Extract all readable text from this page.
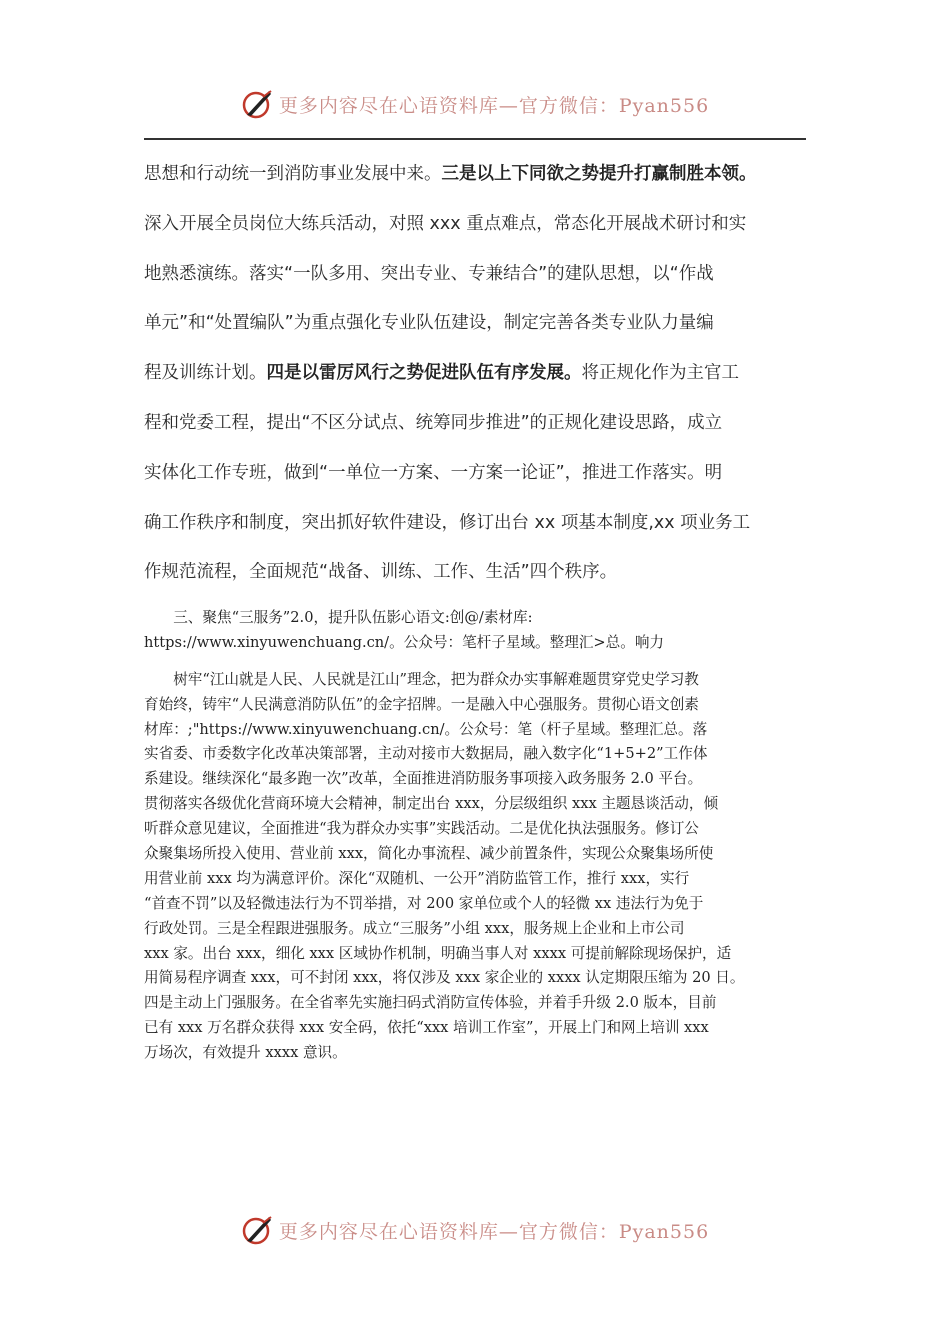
更多内容尽在心语资料库—官方微信：Pyan556
思想和行动统一到消防事业发展中来。三是以上下同欲之势提升打赢制胜本领。
深入开展全员岗位大练兵活动，对照 xxx 重点难点，常态化开展战术研讨和实
地熟悉演练。落实“一队多用、突出专业、专兼结合”的建队思想，以“作战
单元”和“处置编队”为重点强化专业队伍建设，制定完善各类专业队力量编
程及训练计划。四是以雷厉风行之势促进队伍有序发展。将正规化作为主官工
程和党委工程，提出“不区分试点、统筹同步推进”的正规化建设思路，成立
实体化工作专班，做到“一单位一方案、一方案一论证”，推进工作落实。明
确工作秩序和制度，突出抓好软件建设，修订出台 xx 项基本制度,xx 项业务工
作规范流程，全面规范“战备、训练、工作、生活”四个秩序。
　　三、聚焦“三服务”2.0，提升队伍影心语文:创@/素材库:
https://www.xinyuwenchuang.cn/。公众号：笔杆子星域。整理汇>总。响力
　　树牢“江山就是人民、人民就是江山”理念，把为群众办实事解难题贯穿党史学习教
育始终，铸牢“人民满意消防队伍”的金字招牌。一是融入中心强服务。贯彻心语文创素
材库：;"https://www.xinyuwenchuang.cn/。公众号：笔（杆子星域。整理汇总。落
实省委、市委数字化改革决策部署，主动对接市大数据局，融入数字化“1+5+2”工作体
系建设。继续深化“最多跑一次”改革，全面推进消防服务事项接入政务服务 2.0 平台。
贯彻落实各级优化营商环境大会精神，制定出台 xxx，分层级组织 xxx 主题恳谈活动，倾
听群众意见建议，全面推进“我为群众办实事”实践活动。二是优化执法强服务。修订公
众聚集场所投入使用、营业前 xxx，简化办事流程、减少前置条件，实现公众聚集场所使
用营业前 xxx 均为满意评价。深化“双随机、一公开”消防监管工作，推行 xxx，实行
“首查不罚”以及轻微违法行为不罚举措，对 200 家单位或个人的轻微 xx 违法行为免于
行政处罚。三是全程跟进强服务。成立“三服务”小组 xxx，服务规上企业和上市公司
xxx 家。出台 xxx，细化 xxx 区域协作机制，明确当事人对 xxxx 可提前解除现场保护，适
用简易程序调查 xxx，可不封闭 xxx，将仅涉及 xxx 家企业的 xxxx 认定期限压缩为 20 日。
四是主动上门强服务。在全省率先实施扫码式消防宣传体验，并着手升级 2.0 版本，目前
已有 xxx 万名群众获得 xxx 安全码，依托“xxx 培训工作室”，开展上门和网上培训 xxx
万场次，有效提升 xxxx 意识。
更多内容尽在心语资料库—官方微信：Pyan556
